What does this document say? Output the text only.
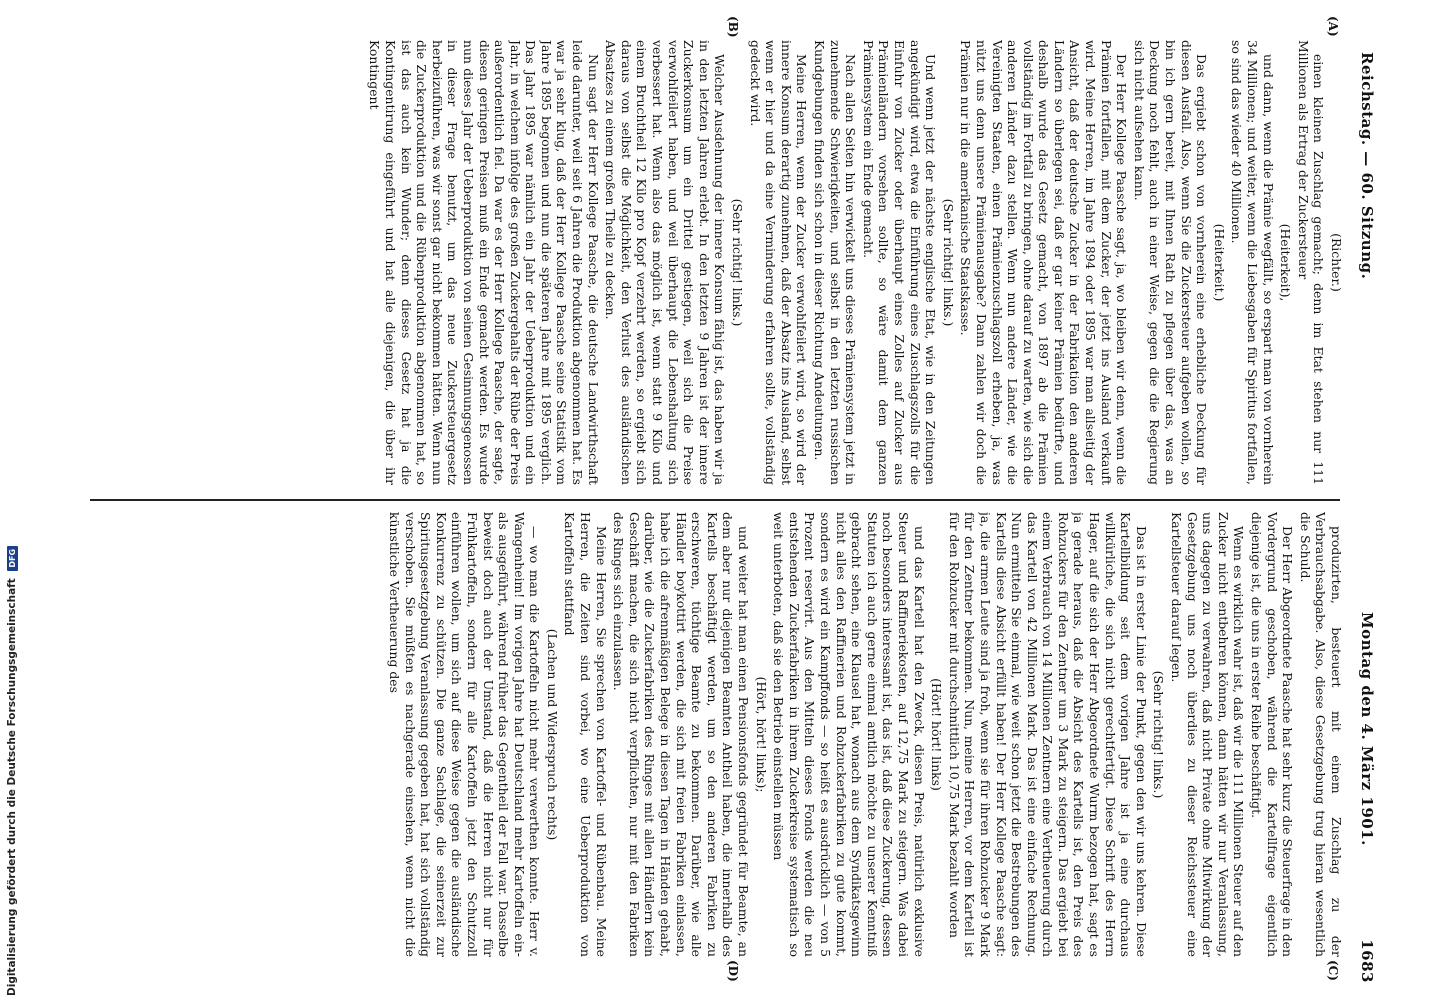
Reichstag. — 60. Sitzung.
Montag den 4. März 1901.
1683

(Richter.)

einen kleinen Zuschlag gemacht; denn im Etat stehen nur 111 Millionen als Ertrag der Zuckersteuer

(Heiterkeit),

und dann, wenn die Prämie wegfällt, so erspart man von vornherein 34 Millionen; und weiter, wenn die Liebesgaben für Spiritus fortfallen, so sind das wieder 40 Millionen.

(Heiterkeit.)

Das ergiebt schon von vornherein eine erhebliche Deckung für diesen Ausfall. Also, wenn Sie die Zuckersteuer aufgeben wollen, so bin ich gern bereit, mit Ihnen Rath zu pflegen über das, was an Deckung noch fehlt, auch in einer Weise, gegen die die Regierung sich nicht aufsehen kann.

Der Herr Kollege Paasche sagt, ja, wo bleiben wir denn, wenn die Prämien fortfallen, mit dem Zucker, der jetzt ins Ausland verkauft wird. Meine Herren, im Jahre 1894 oder 1895 war man allseitig der Ansicht, daß der deutsche Zucker in der Fabrikation den anderen Ländern so überlegen sei, daß er gar keiner Prämien bedürfte, und deshalb wurde das Gesetz gemacht, von 1897 ab die Prämien vollständig im Fortfall zu bringen, ohne darauf zu warten, wie sich die anderen Länder dazu stellen. Wenn nun andere Länder, wie die Vereinigten Staaten, einen Prämienzuschlagszoll erheben, ja, was nützt uns denn unsere Prämienausgabe? Dann zahlen wir doch die Prämien nur in die amerikanische Staatskasse.

(Sehr richtig! links.)

Und wenn jetzt der nächste englische Etat, wie in den Zeitungen angekündigt wird, etwa die Einführung eines Zuschlagszolls für die Einfuhr von Zucker oder überhaupt eines Zolles auf Zucker aus Prämienländern vorsehen sollte, so wäre damit dem ganzen Prämiensystem ein Ende gemacht.

Nach allen Seiten hin verwickelt uns dieses Prämiensystem jetzt in zunehmende Schwierigkeiten, und selbst in den letzten russischen Kundgebungen finden sich schon in dieser Richtung Andeutungen.

Meine Herren, wenn der Zucker verwohlfeilert wird, so wird der innere Konsum derartig zunehmen, daß der Absatz ins Ausland, selbst wenn er hier und da eine Verminderung erfahren sollte, vollständig gedeckt wird.

(Sehr richtig! links.)

Welcher Ausdehnung der innere Konsum fähig ist, das haben wir ja in den letzten Jahren erlebt. In den letzten 9 Jahren ist der innere Zuckerkonsum um ein Drittel gestiegen, weil sich die Preise verwohlfeilert haben, und weil überhaupt die Lebenshaltung sich verbessert hat. Wenn also das möglich ist, wenn statt 9 Kilo und einem Bruchtheil 12 Kilo pro Kopf verzehrt werden, so ergiebt sich daraus von selbst die Möglichkeit, den Verlust des ausländischen Absatzes zu einem großen Theile zu decken.

Nun sagt der Herr Kollege Paasche, die deutsche Landwirthschaft leide darunter, weil seit 6 Jahren die Produktion abgenommen hat. Es war ja sehr klug, daß der Herr Kollege Paasche seine Statistik vom Jahre 1895 begonnen und nun die späteren Jahre mit 1895 verglich. Das Jahr 1895 war nämlich ein Jahr der Ueberproduktion und ein Jahr, in welchem infolge des großen Zuckergehalts der Rübe der Preis außerordentlich fiel. Da war es der Herr Kollege Paasche, der sagte, diesen geringen Preisen muß ein Ende gemacht werden. Es wurde nun dieses Jahr der Ueberproduktion von seinen Gesinnungsgenossen in dieser Frage benutzt, um das neue Zuckersteuergesetz herbeizuführen, was wir sonst gar nicht bekommen hätten. Wenn nun die Zuckerproduktion und die Rübenproduktion abgenommen hat, so ist das auch kein Wunder; denn dieses Gesetz hat ja die Kontingentirung eingeführt und hat alle diejenigen, die über ihr Kontingent

produzirten, besteuert mit einem Zuschlag zu der Verbrauchsabgabe. Also, diese Gesetzgebung trug hieran wesentlich die Schuld.

Der Herr Abgeordnete Paasche hat sehr kurz die Steuerfrage in den Vordergrund geschoben, während die Kartellfrage eigentlich diejenige ist, die uns in erster Reihe beschäftigt.

Wenn es wirklich wahr ist, daß wir die 111 Millionen Steuer auf den Zucker nicht entbehren können, dann hätten wir nur Veranlassung, uns dagegen zu verwahren, daß nicht Private ohne Mitwirkung der Gesetzgebung uns noch überdies zu dieser Reichssteuer eine Kartellsteuer darauf legen.

(Sehr richtig! links.)

Das ist in erster Linie der Punkt, gegen den wir uns kehren. Diese Kartellbildung seit dem vorigen Jahre ist ja eine durchaus willkürliche, die sich nicht gerechtfertigt. Diese Schrift des Herrn Hager, auf die sich der Herr Abgeordnete Wurm bezogen hat, sagt es ja gerade heraus, daß die Absicht des Kartells ist, den Preis des Rohzuckers für den Zentner um 3 Mark zu steigern. Das ergiebt bei einem Verbrauch von 14 Millionen Zentnern eine Vertheuerung durch das Kartell von 42 Millionen Mark. Das ist eine einfache Rechnung. Nun ermitteln Sie einmal, wie weit schon jetzt die Bestrebungen des Kartells diese Absicht erfüllt haben! Der Herr Kollege Paasche sagt: ja, die armen Leute sind ja froh, wenn sie für ihren Rohzucker 9 Mark für den Zentner bekommen. Nun, meine Herren, vor dem Kartell ist für den Rohzucker mit durchschnittlich 10,75 Mark bezahlt worden

(Hört! hört! links)

und das Kartell hat den Zweck, diesen Preis, natürlich exklusive Steuer und Raffineriekosten, auf 12,75 Mark zu steigern. Was dabei noch besonders interessant ist, das ist, daß diese Zuckerung, dessen Statuten ich auch gerne einmal amtlich möchte zu unserer Kenntniß gebracht sehen, eine Klausel hat, wonach aus dem Syndikatsgewinn nicht alles den Raffinerien und Rohzuckerfabriken zu gute kommt, sondern es wird ein Kampffonds — so heißt es ausdrücklich — von 5 Prozent reservirt. Aus den Mitteln dieses Fonds werden die neu entstehenden Zuckerfabriken in ihrem Zuckerkreise systematisch so weit unterboten, daß sie den Betrieb einstellen müssen

(Hört, hört! links);

und weiter hat man einen Pensionsfonds gegründet für Beamte, an dem aber nur diejenigen Beamten Antheil haben, die innerhalb des Kartells beschäftigt werden, um so den anderen Fabriken zu erschweren, tüchtige Beamte zu bekommen. Darüber, wie alle Händler boykottirt werden, die sich mit freien Fabriken einlassen, habe ich die afrenmäßigen Belege in diesen Tagen in Händen gehabt, darüber, wie die Zuckerfabriken des Ringes mit allen Händlern kein Geschäft machen, die sich nicht verpflichten, nur mit den Fabriken des Ringes sich einzulassen.

Meine Herren, Sie sprechen von Kartoffel- und Rübenbau. Meine Herren, die Zeiten sind vorbei, wo eine Ueberproduktion von Kartoffeln stattfand

(Lachen und Widerspruch rechts)

— wo man die Kartoffeln nicht mehr verwerthen konnte. Herr v. Wangenheim! Im vorigen Jahre hat Deutschland mehr Kartoffeln ein- als ausgeführt, während früher das Gegentheil der Fall war. Dasselbe beweist doch auch der Umstand, daß die Herren nicht nur für Frühkartoffeln, sondern für alle Kartoffeln jetzt den Schutzzoll einführen wollen, um sich auf diese Weise gegen die ausländische Konkurrenz zu schützen. Die ganze Sachlage, die seinerzeit zur Spiritusgesetzgebung Veranlassung gegeben hat, hat sich vollständig verschoben. Sie müßten es nachgerade einsehen, wenn nicht die künstliche Vertheuerung des

(A)
(B)
(C)
(D)
Digitalisierung gefördert durch die Deutsche Forschungsgemeinschaft DFG
